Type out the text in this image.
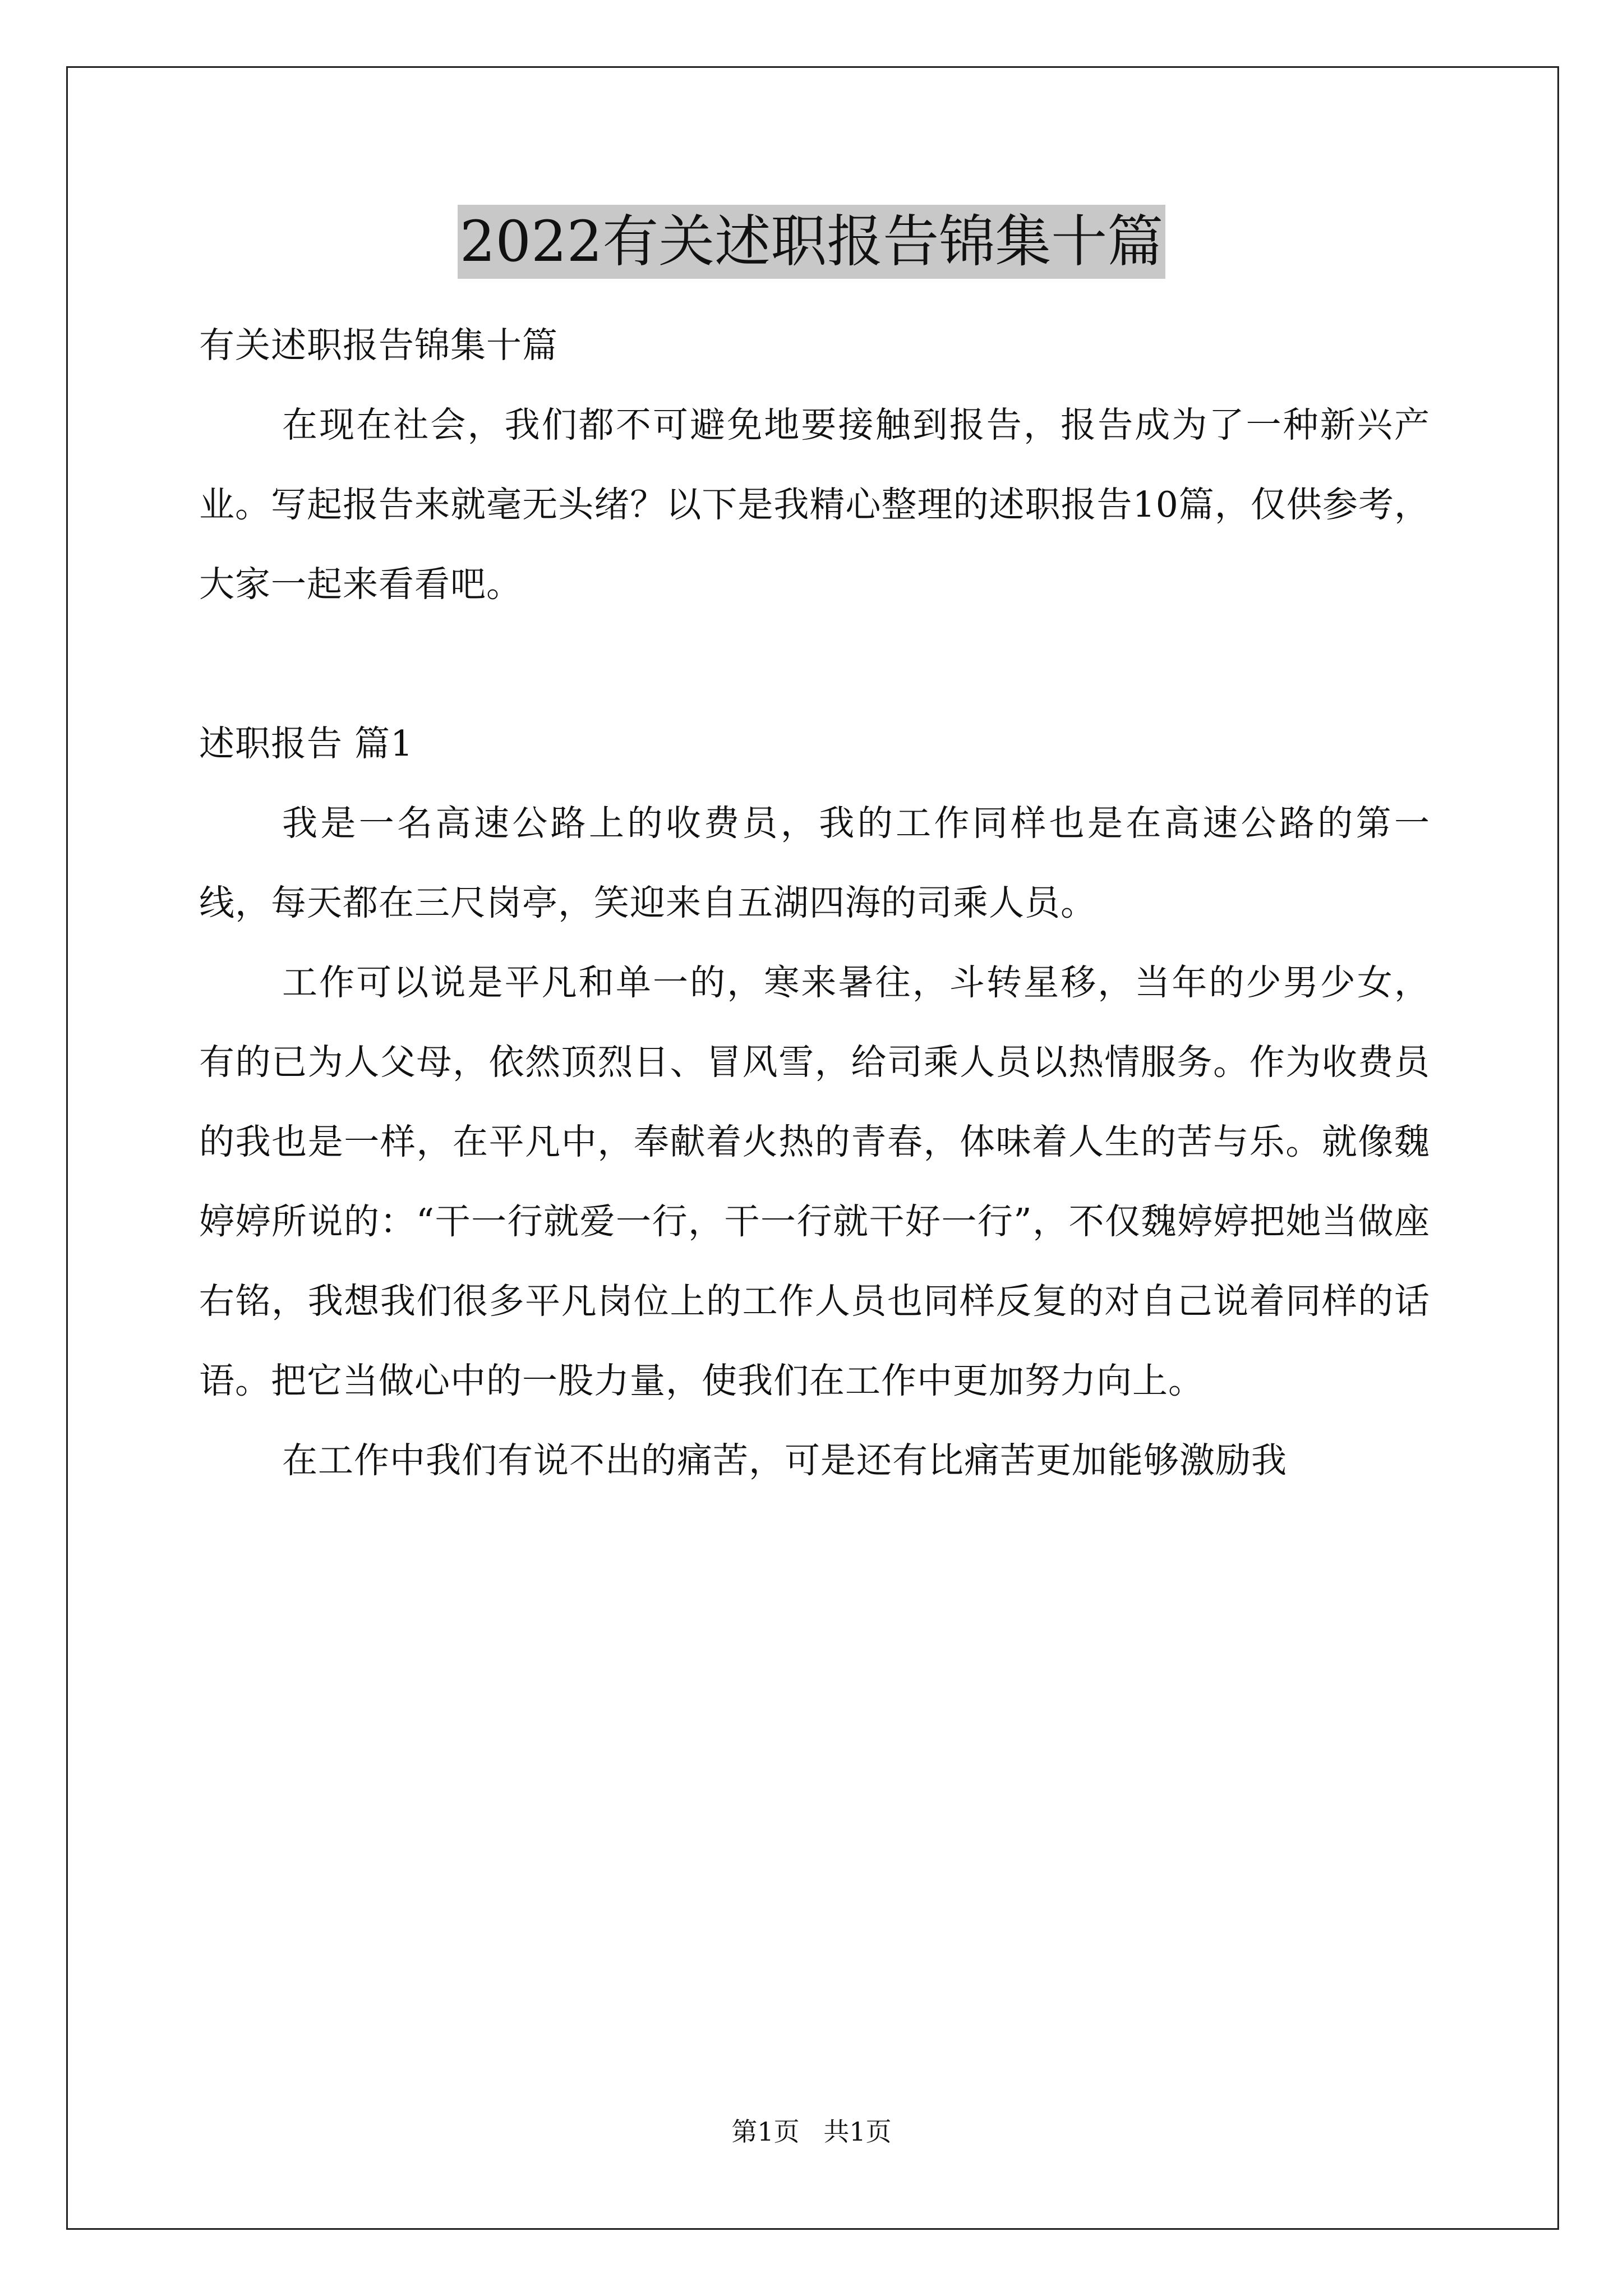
2022有关述职报告锦集十篇

有关述职报告锦集十篇

在现在社会，我们都不可避免地要接触到报告，报告成为了一种新兴产业。写起报告来就毫无头绪？以下是我精心整理的述职报告10篇，仅供参考，大家一起来看看吧。

述职报告 篇1

我是一名高速公路上的收费员，我的工作同样也是在高速公路的第一线，每天都在三尺岗亭，笑迎来自五湖四海的司乘人员。

工作可以说是平凡和单一的，寒来暑往，斗转星移，当年的少男少女，有的已为人父母，依然顶烈日、冒风雪，给司乘人员以热情服务。作为收费员的我也是一样，在平凡中，奉献着火热的青春，体味着人生的苦与乐。就像魏婷婷所说的：“干一行就爱一行，干一行就干好一行”，不仅魏婷婷把她当做座右铭，我想我们很多平凡岗位上的工作人员也同样反复的对自己说着同样的话语。把它当做心中的一股力量，使我们在工作中更加努力向上。

在工作中我们有说不出的痛苦，可是还有比痛苦更加能够激励我

第1页 共1页
